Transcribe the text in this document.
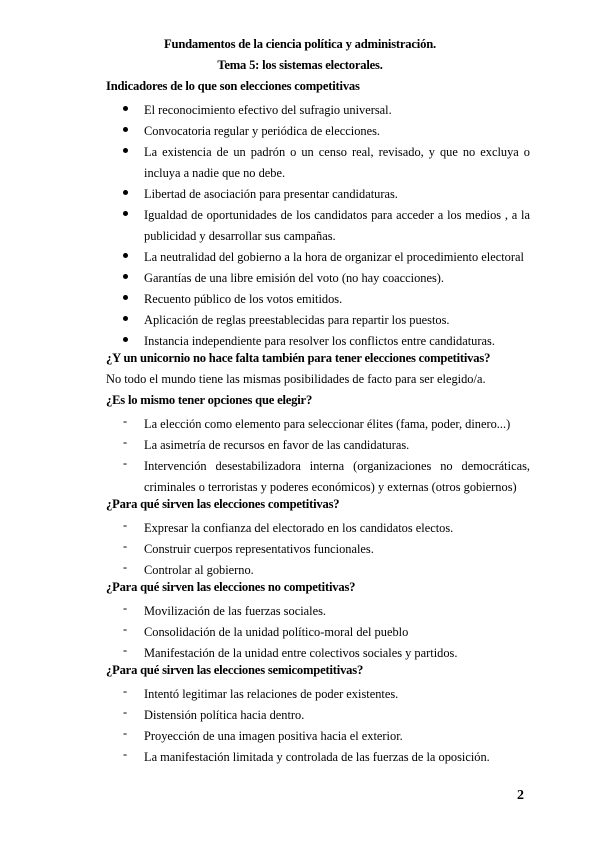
Fundamentos de la ciencia política y administración.
Tema 5: los sistemas electorales.
Indicadores de lo que son elecciones competitivas
El reconocimiento efectivo del sufragio universal.
Convocatoria regular y periódica de elecciones.
La existencia de un padrón o un censo real, revisado, y que no excluya o incluya a nadie que no debe.
Libertad de asociación para presentar candidaturas.
Igualdad de oportunidades de los candidatos para acceder a los medios , a la publicidad y desarrollar sus campañas.
La neutralidad del gobierno a la hora de organizar el procedimiento electoral
Garantías de una libre emisión del voto (no hay coacciones).
Recuento público de los votos emitidos.
Aplicación de reglas preestablecidas para repartir los puestos.
Instancia independiente para resolver los conflictos entre candidaturas.
¿Y un unicornio no hace falta también para tener elecciones competitivas?
No todo el mundo tiene las mismas posibilidades de facto para ser elegido/a.
¿Es lo mismo tener opciones que elegir?
- La elección como elemento para seleccionar élites (fama, poder, dinero...)
- La asimetría de recursos en favor de las candidaturas.
- Intervención desestabilizadora interna (organizaciones no democráticas, criminales o terroristas y poderes económicos) y externas (otros gobiernos)
¿Para qué sirven las elecciones competitivas?
- Expresar la confianza del electorado en los candidatos electos.
- Construir cuerpos representativos funcionales.
- Controlar al gobierno.
¿Para qué sirven las elecciones no competitivas?
- Movilización de las fuerzas sociales.
- Consolidación de la unidad político-moral del pueblo
- Manifestación de la unidad entre colectivos sociales y partidos.
¿Para qué sirven las elecciones semicompetitivas?
- Intentó legitimar las relaciones de poder existentes.
- Distensión política hacia dentro.
- Proyección de una imagen positiva hacia el exterior.
- La manifestación limitada y controlada de las fuerzas de la oposición.
2
